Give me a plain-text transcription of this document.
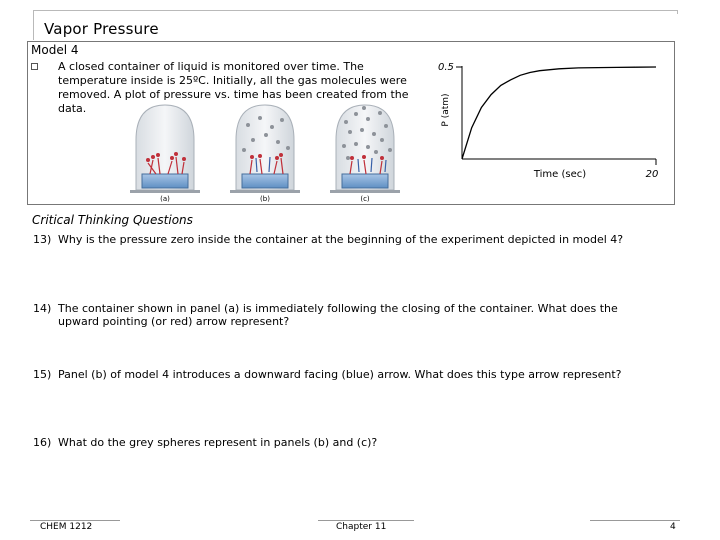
Vapor Pressure
Model 4
A closed container of liquid is monitored over time. The temperature inside is 25ºC. Initially, all the gas molecules were removed. A plot of pressure vs. time has been created from the data.
(a)	(b)	(c)
0.5
P (atm)
Time (sec)	20
Critical Thinking Questions
13) Why is the pressure zero inside the container at the beginning of the experiment depicted in model 4?
14) The container shown in panel (a) is immediately following the closing of the container. What does the upward pointing (or red) arrow represent?
15) Panel (b) of model 4 introduces a downward facing (blue) arrow. What does this type arrow represent?
16) What do the grey spheres represent in panels (b) and (c)?
CHEM 1212	Chapter 11	4
